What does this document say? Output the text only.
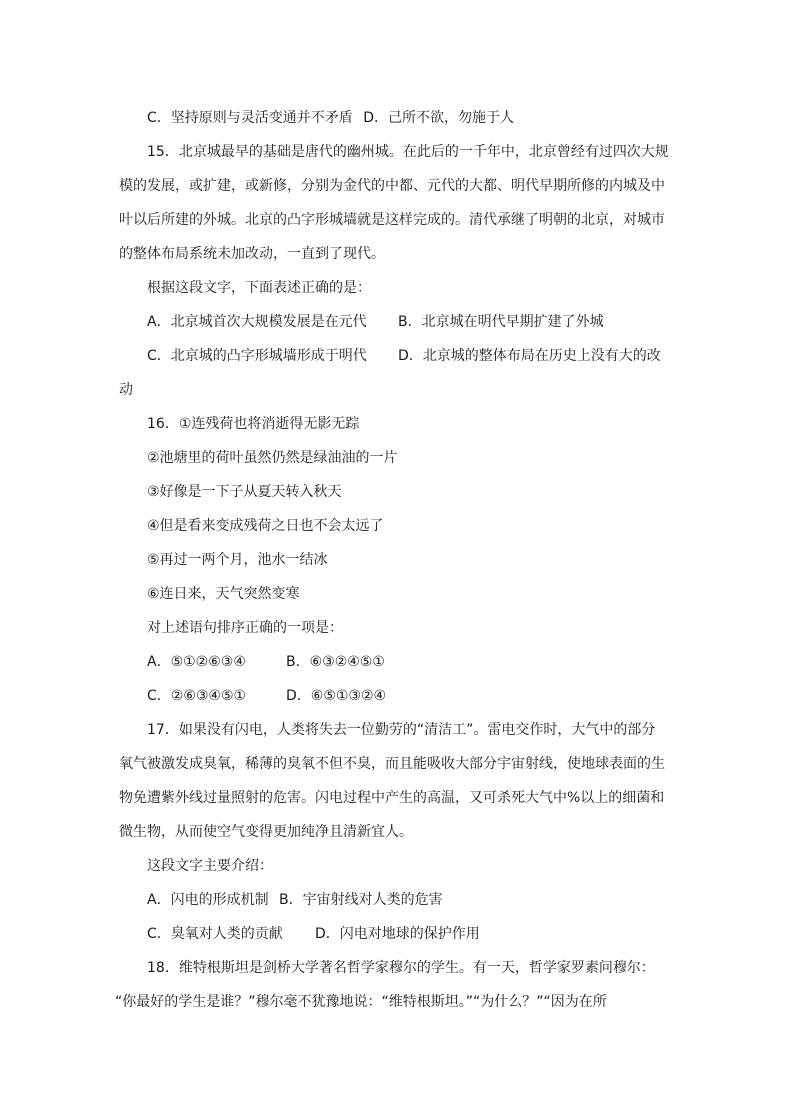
C．坚持原则与灵活变通并不矛盾 D．己所不欲，勿施于人
15．北京城最早的基础是唐代的幽州城。在此后的一千年中，北京曾经有过四次大规
模的发展，或扩建，或新修，分别为金代的中都、元代的大都、明代早期所修的内城及中
叶以后所建的外城。北京的凸字形城墙就是这样完成的。清代承继了明朝的北京，对城市
的整体布局系统未加改动，一直到了现代。
根据这段文字，下面表述正确的是：
A．北京城首次大规模发展是在元代 B．北京城在明代早期扩建了外城
C．北京城的凸字形城墙形成于明代 D．北京城的整体布局在历史上没有大的改
动
16．①连残荷也将消逝得无影无踪
②池塘里的荷叶虽然仍然是绿油油的一片
③好像是一下子从夏天转入秋天
④但是看来变成残荷之日也不会太远了
⑤再过一两个月，池水一结冰
⑥连日来，天气突然变寒
对上述语句排序正确的一项是：
A．⑤①②⑥③④	B．⑥③②④⑤①
C．②⑥③④⑤①	D．⑥⑤①③②④
17．如果没有闪电，人类将失去一位勤劳的“清洁工”。雷电交作时，大气中的部分
氧气被激发成臭氧，稀薄的臭氧不但不臭，而且能吸收大部分宇宙射线，使地球表面的生
物免遭紫外线过量照射的危害。闪电过程中产生的高温，又可杀死大气中%以上的细菌和
微生物，从而使空气变得更加纯净且清新宜人。
这段文字主要介绍：
A．闪电的形成机制 B．宇宙射线对人类的危害
C．臭氧对人类的贡献 D．闪电对地球的保护作用
18．维特根斯坦是剑桥大学著名哲学家穆尔的学生。有一天，哲学家罗素问穆尔：
“你最好的学生是谁？”穆尔毫不犹豫地说：“维特根斯坦。”“为什么？”“因为在所
